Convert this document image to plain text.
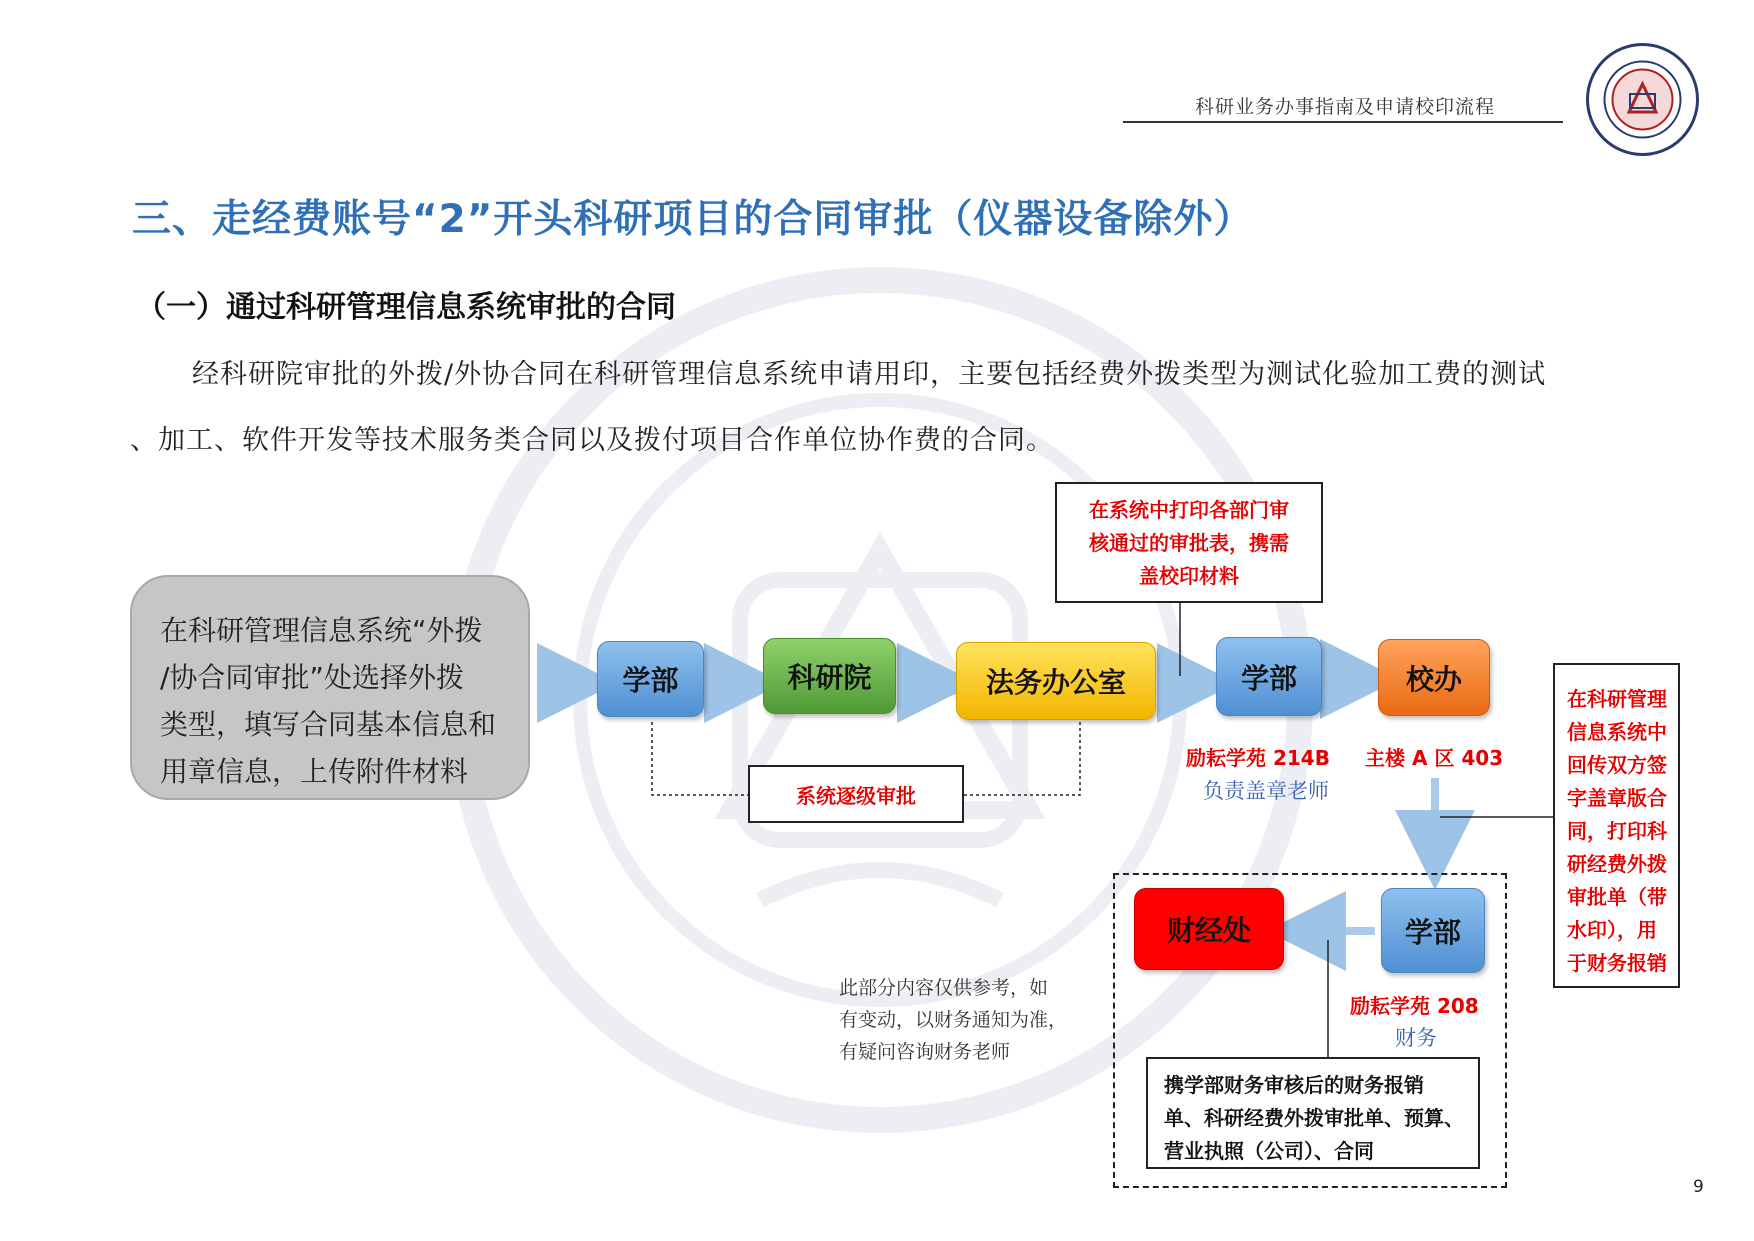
科研业务办事指南及申请校印流程
三、走经费账号“2”开头科研项目的合同审批（仪器设备除外）
（一）通过科研管理信息系统审批的合同
经科研院审批的外拨/外协合同在科研管理信息系统申请用印，主要包括经费外拨类型为测试化验加工费的测试
、加工、软件开发等技术服务类合同以及拨付项目合作单位协作费的合同。
在科研管理信息系统“外拨
/协合同审批”处选择外拨
类型，填写合同基本信息和
用章信息，上传附件材料
学部	科研院	法务办公室	学部	校办
财经处	学部
在系统中打印各部门审
核通过的审批表，携需
盖校印材料
系统逐级审批
励耘学苑 214B
负责盖章老师
主楼 A 区 403
励耘学苑 208
财务
在科研管理
信息系统中
回传双方签
字盖章版合
同，打印科
研经费外拨
审批单（带
水印），用
于财务报销
携学部财务审核后的财务报销
单、科研经费外拨审批单、预算、
营业执照（公司）、合同
此部分内容仅供参考，如
有变动，以财务通知为准，
有疑问咨询财务老师
9
